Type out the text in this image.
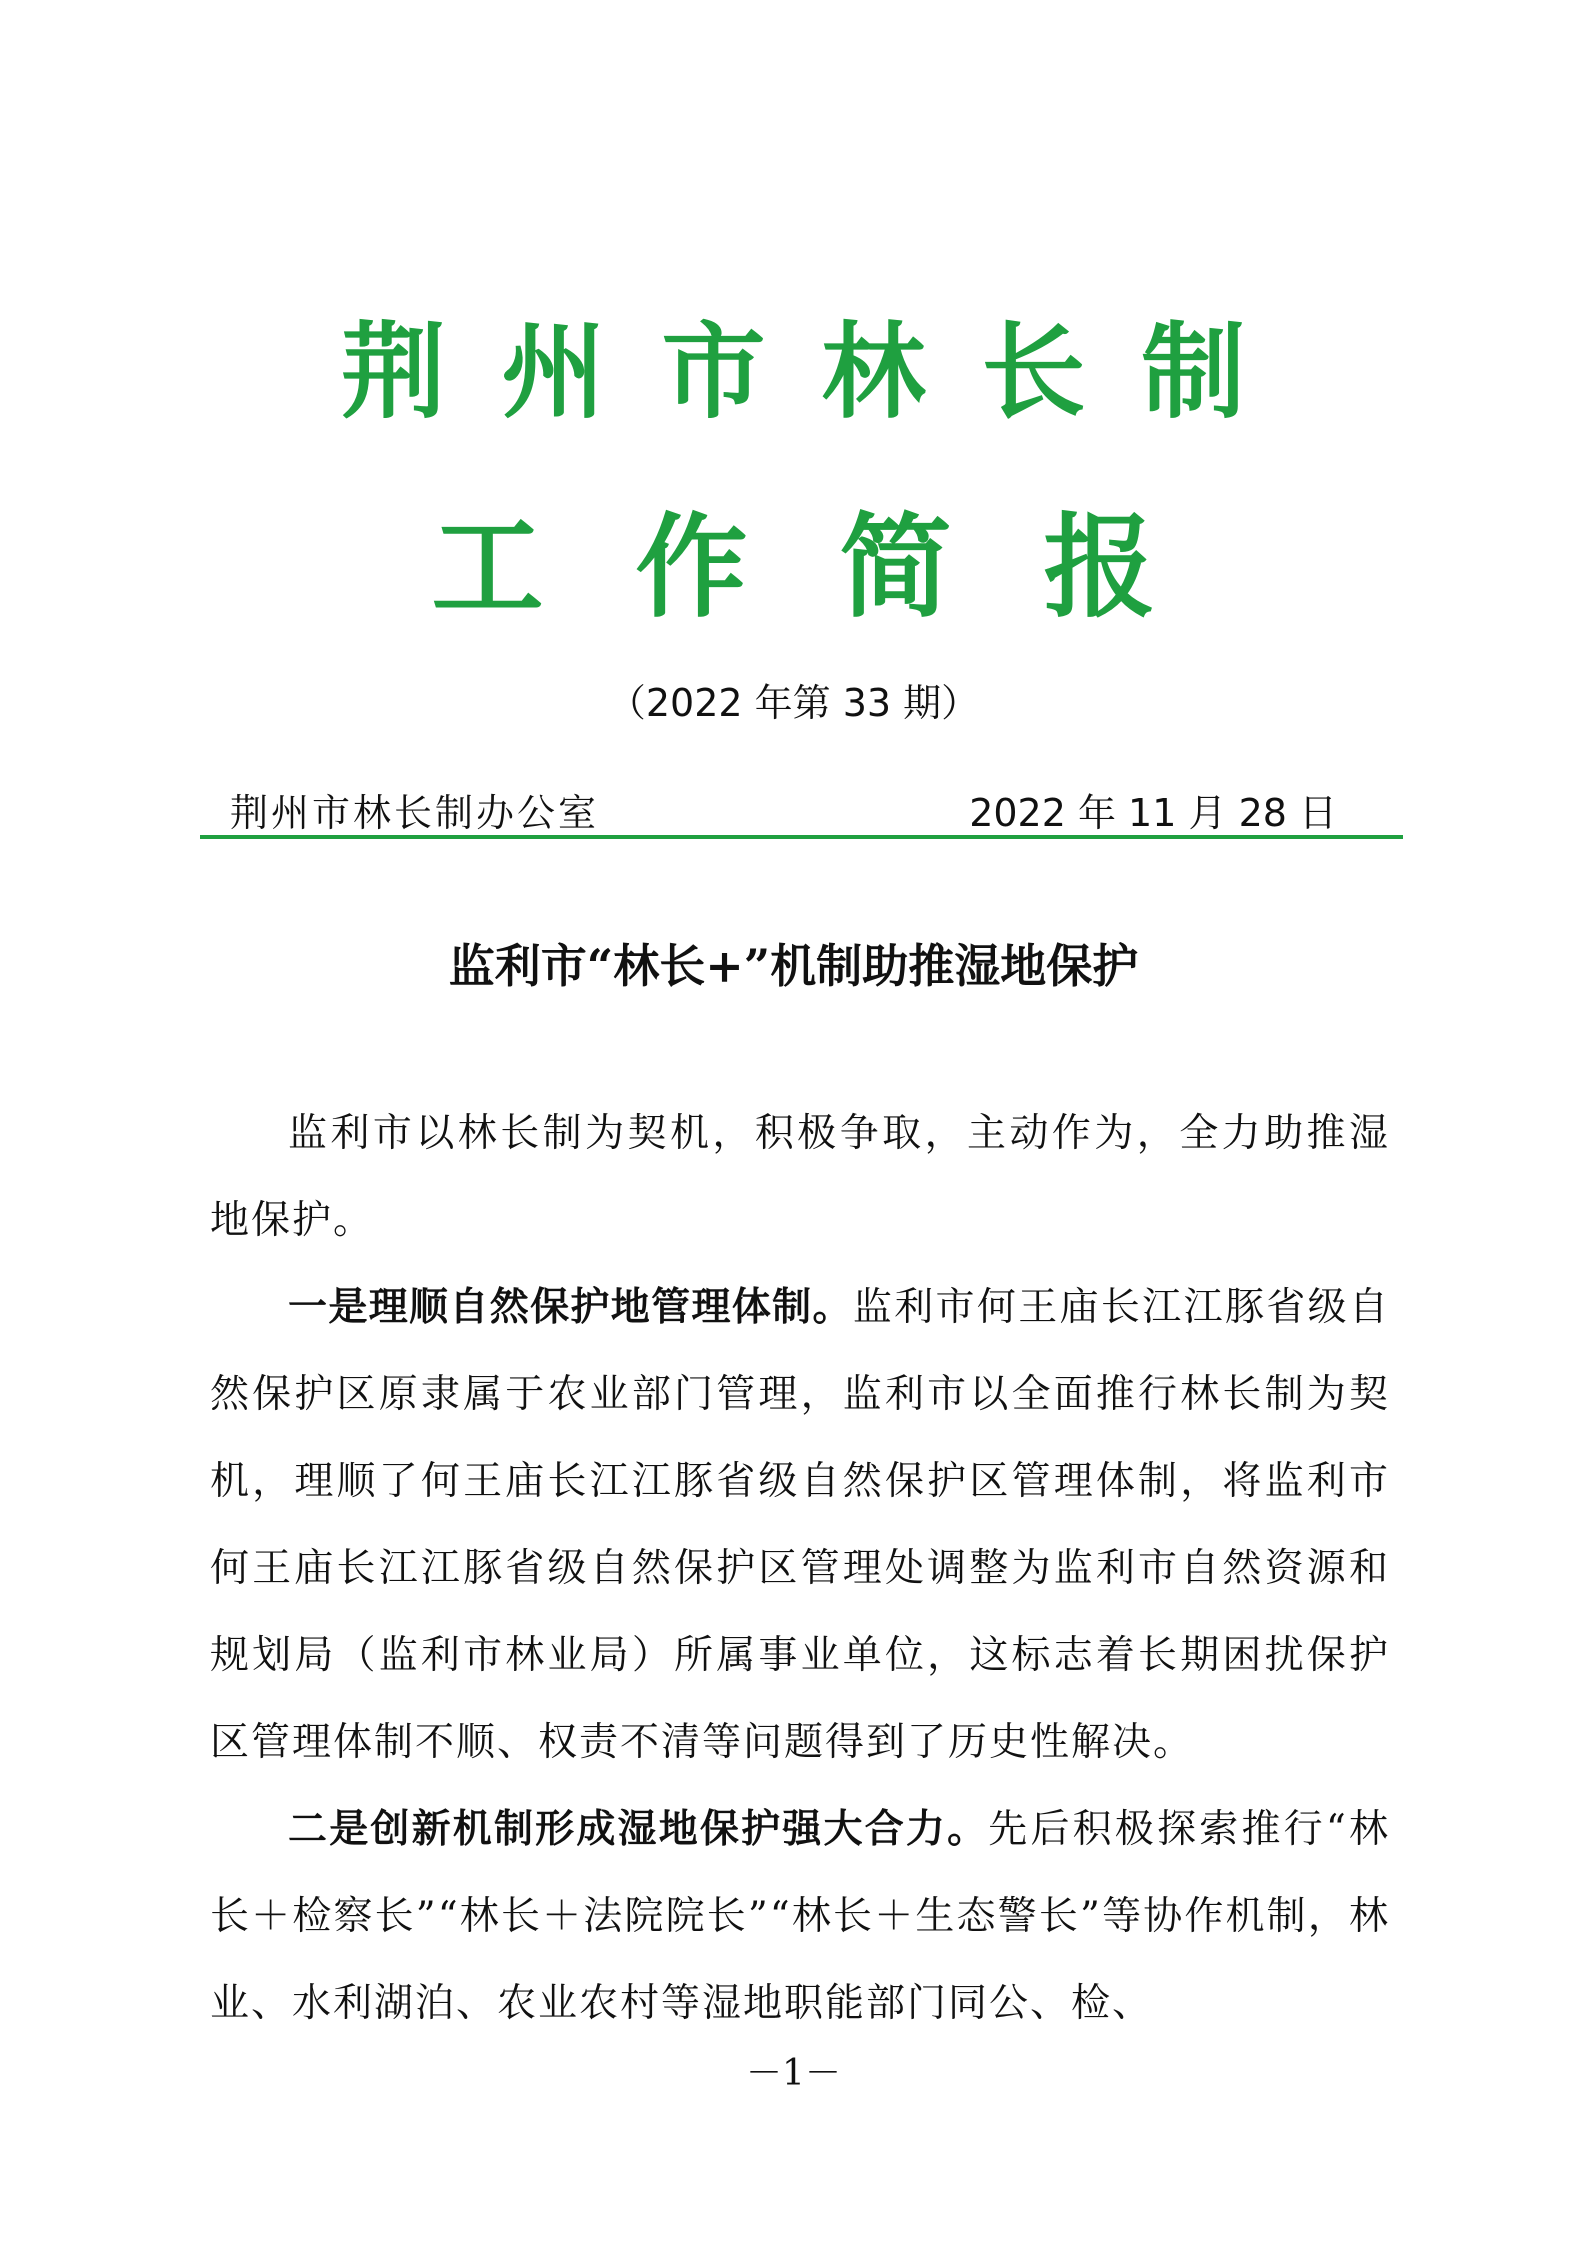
荆州市林长制
工作简报
（2022 年第 33 期）
荆州市林长制办公室	2022 年 11 月 28 日
监利市“林长+”机制助推湿地保护

监利市以林长制为契机，积极争取，主动作为，全力助推湿地保护。

一是理顺自然保护地管理体制。监利市何王庙长江江豚省级自然保护区原隶属于农业部门管理，监利市以全面推行林长制为契机，理顺了何王庙长江江豚省级自然保护区管理体制，将监利市何王庙长江江豚省级自然保护区管理处调整为监利市自然资源和规划局（监利市林业局）所属事业单位，这标志着长期困扰保护区管理体制不顺、权责不清等问题得到了历史性解决。

二是创新机制形成湿地保护强大合力。先后积极探索推行“林长＋检察长”“林长＋法院院长”“林长＋生态警长”等协作机制，林业、水利湖泊、农业农村等湿地职能部门同公、检、

－1－
